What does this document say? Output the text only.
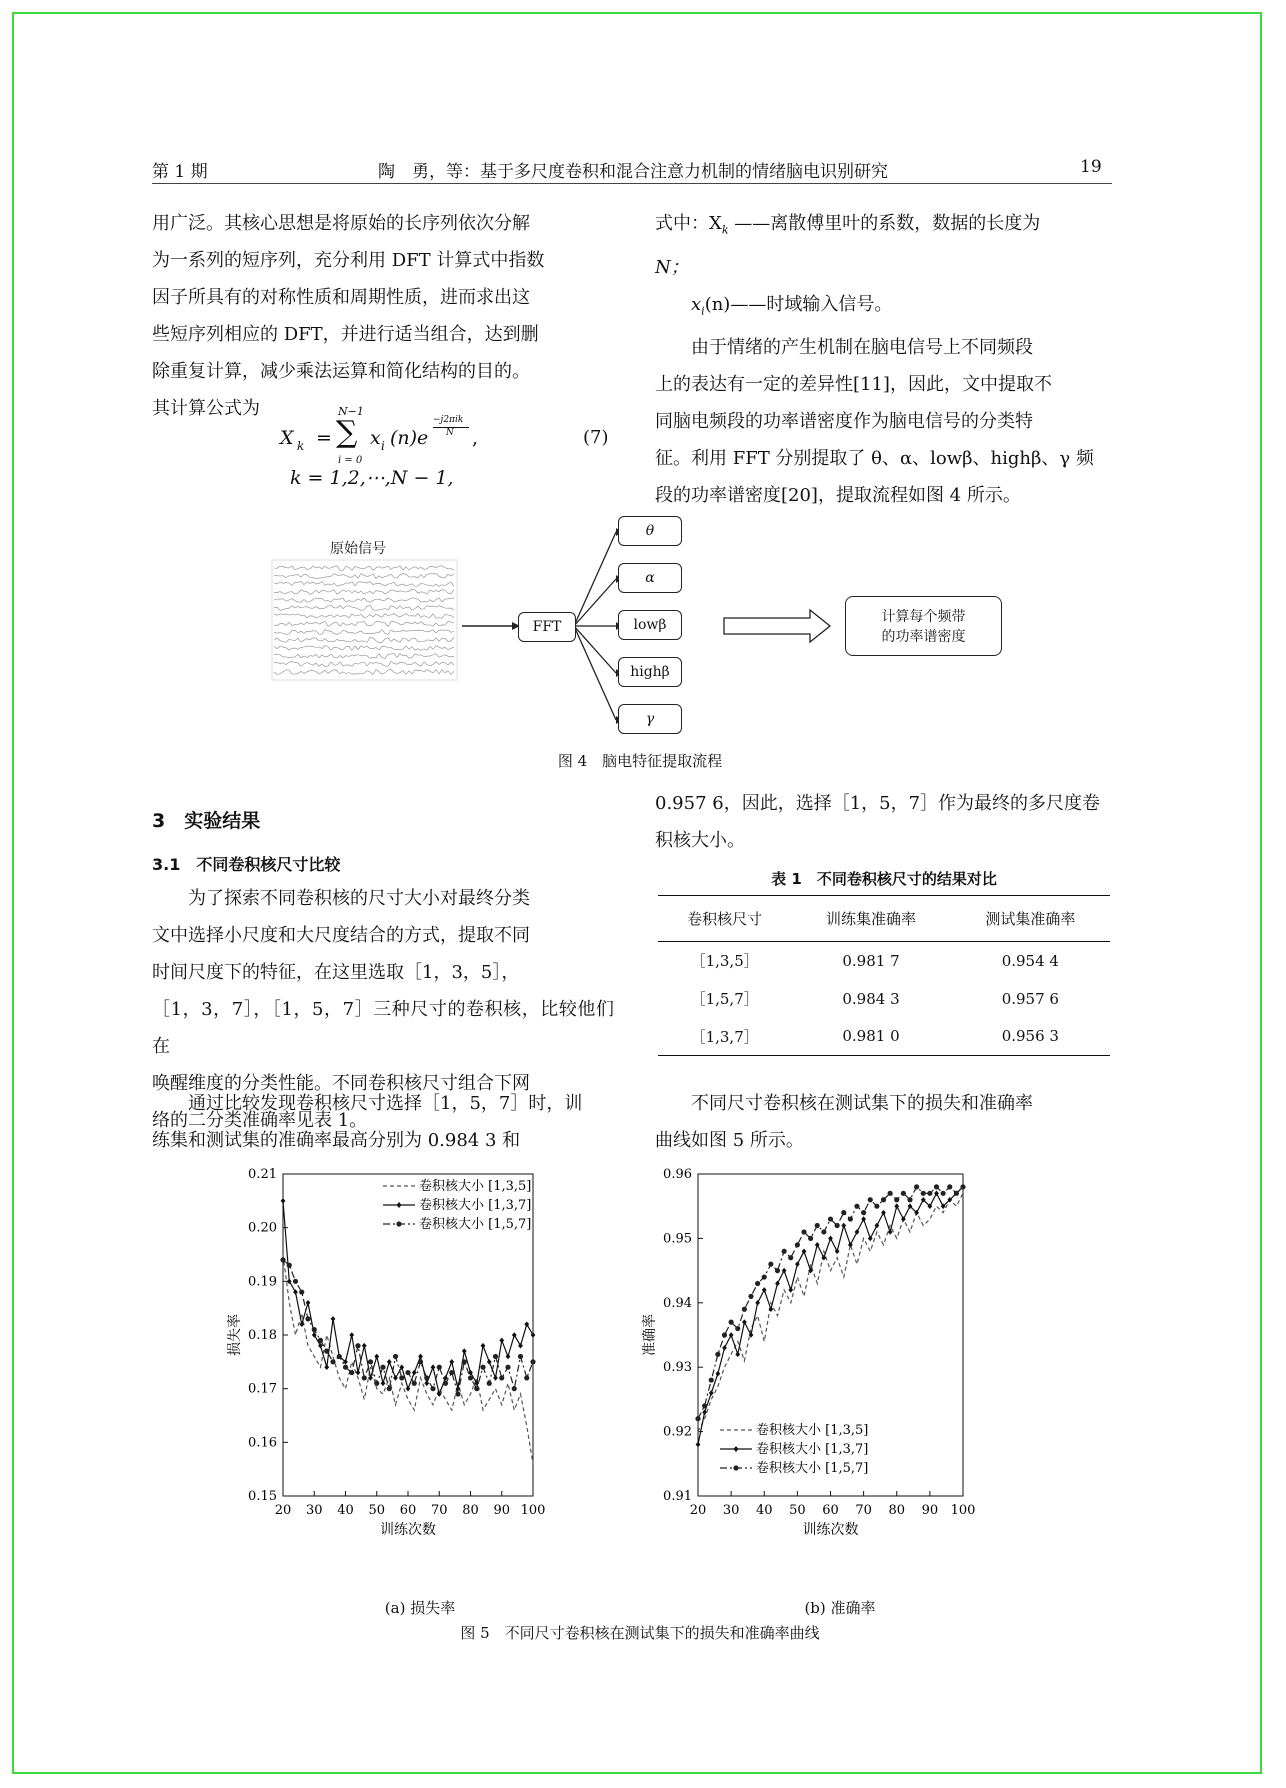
第 1 期	陶　勇，等：基于多尺度卷积和混合注意力机制的情绪脑电识别研究	19

用广泛。其核心思想是将原始的长序列依次分解

为一系列的短序列，充分利用 DFT 计算式中指数

因子所具有的对称性质和周期性质，进而求出这

些短序列相应的 DFT，并进行适当组合，达到删

除重复计算，减少乘法运算和简化结构的目的。

其计算公式为

X k =
N−1
∑
i = 0
x i (n)e
−j2πik
N ,	(7)
k = 1,2,⋯,N − 1,

式中：$X_k$ ——离散傅里叶的系数，数据的长度为

N；

$x_i(n)——$时域输入信号。

由于情绪的产生机制在脑电信号上不同频段

上的表达有一定的差异性[11]，因此，文中提取不

同脑电频段的功率谱密度作为脑电信号的分类特

征。利用 FFT 分别提取了 θ、α、lowβ、highβ、γ 频

段的功率谱密度[20]，提取流程如图 4 所示。

原始信号
FFT
θ
α
lowβ
highβ
γ
计算每个频带
的功率谱密度
图 4　脑电特征提取流程
3　实验结果
3.1　不同卷积核尺寸比较

为了探索不同卷积核的尺寸大小对最终分类

文中选择小尺度和大尺度结合的方式，提取不同

时间尺度下的特征，在这里选取［1，3，5］，

［1，3，7］，［1，5，7］三种尺寸的卷积核，比较他们在

唤醒维度的分类性能。不同卷积核尺寸组合下网

络的二分类准确率见表 1。

通过比较发现卷积核尺寸选择［1，5，7］时，训

练集和测试集的准确率最高分别为 0.984 3 和

0.957 6，因此，选择［1，5，7］作为最终的多尺度卷

积核大小。

表 1　不同卷积核尺寸的结果对比
卷积核尺寸	训练集准确率	测试集准确率
［1,3,5］	0.981 7	0.954 4
［1,5,7］	0.984 3	0.957 6
［1,3,7］	0.981 0	0.956 3

不同尺寸卷积核在测试集下的损失和准确率

曲线如图 5 所示。

20 30 40 50 60 70 80 90 100
0.15
0.16
0.17
0.18
0.19
0.20
0.21
训练次数
损失率
卷积核大小 [1,3,5]
卷积核大小 [1,3,7]
卷积核大小 [1,5,7]
20 30 40 50 60 70 80 90 100
0.91
0.92
0.93
0.94
0.95
0.96
训练次数
准确率
卷积核大小 [1,3,5]
卷积核大小 [1,3,7]
卷积核大小 [1,5,7]
(a) 损失率	(b) 准确率
图 5　不同尺寸卷积核在测试集下的损失和准确率曲线
